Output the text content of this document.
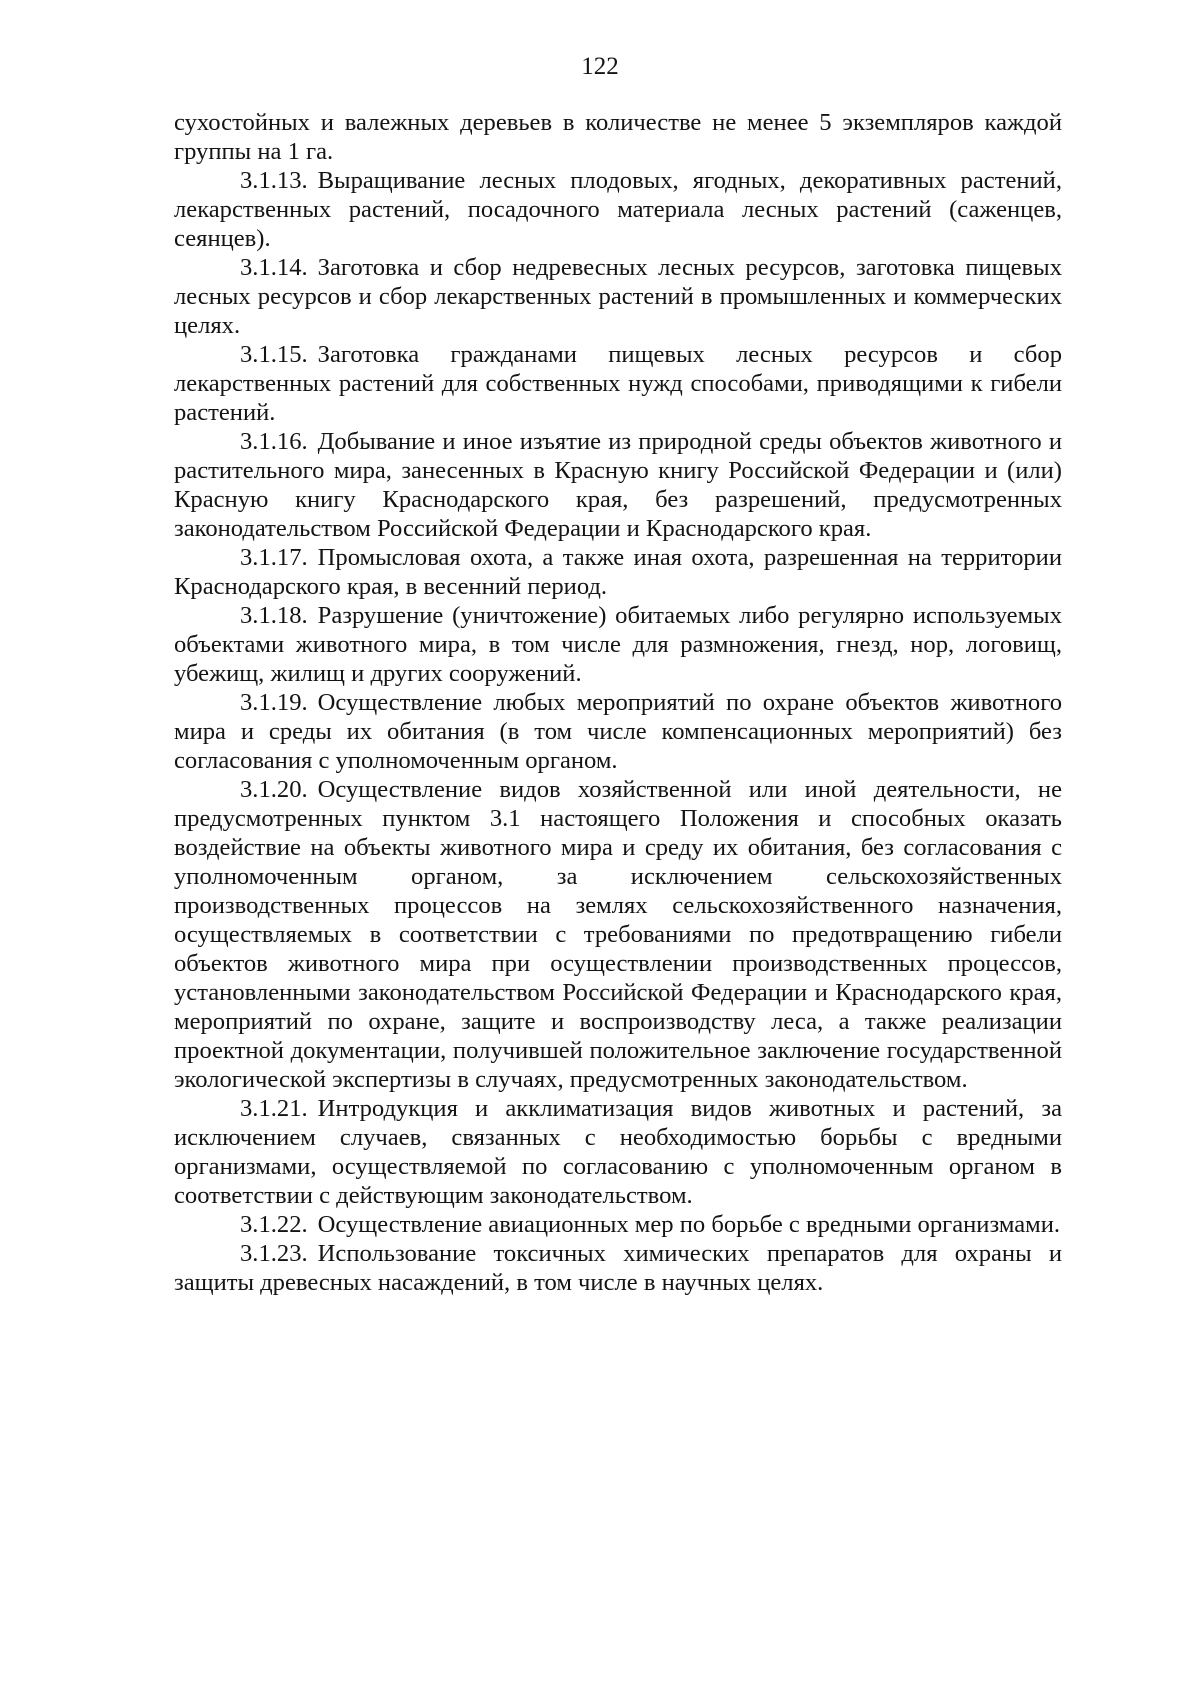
122

сухостойных и валежных деревьев в количестве не менее 5 экземпляров каждой группы на 1 га.

3.1.13. Выращивание лесных плодовых, ягодных, декоративных растений, лекарственных растений, посадочного материала лесных растений (саженцев, сеянцев).

3.1.14. Заготовка и сбор недревесных лесных ресурсов, заготовка пищевых лесных ресурсов и сбор лекарственных растений в промышленных и коммерческих целях.

3.1.15. Заготовка гражданами пищевых лесных ресурсов и сбор лекарственных растений для собственных нужд способами, приводящими к гибели растений.

3.1.16. Добывание и иное изъятие из природной среды объектов животного и растительного мира, занесенных в Красную книгу Российской Федерации и (или) Красную книгу Краснодарского края, без разрешений, предусмотренных законодательством Российской Федерации и Краснодарского края.

3.1.17. Промысловая охота, а также иная охота, разрешенная на территории Краснодарского края, в весенний период.

3.1.18. Разрушение (уничтожение) обитаемых либо регулярно используемых объектами животного мира, в том числе для размножения, гнезд, нор, логовищ, убежищ, жилищ и других сооружений.

3.1.19. Осуществление любых мероприятий по охране объектов животного мира и среды их обитания (в том числе компенсационных мероприятий) без согласования с уполномоченным органом.

3.1.20. Осуществление видов хозяйственной или иной деятельности, не предусмотренных пунктом 3.1 настоящего Положения и способных оказать воздействие на объекты животного мира и среду их обитания, без согласования с уполномоченным органом, за исключением сельскохозяйственных производственных процессов на землях сельскохозяйственного назначения, осуществляемых в соответствии с требованиями по предотвращению гибели объектов животного мира при осуществлении производственных процессов, установленными законодательством Российской Федерации и Краснодарского края, мероприятий по охране, защите и воспроизводству леса, а также реализации проектной документации, получившей положительное заключение государственной экологической экспертизы в случаях, предусмотренных законодательством.

3.1.21. Интродукция и акклиматизация видов животных и растений, за исключением случаев, связанных с необходимостью борьбы с вредными организмами, осуществляемой по согласованию с уполномоченным органом в соответствии с действующим законодательством.

3.1.22. Осуществление авиационных мер по борьбе с вредными организмами.

3.1.23. Использование токсичных химических препаратов для охраны и защиты древесных насаждений, в том числе в научных целях.
